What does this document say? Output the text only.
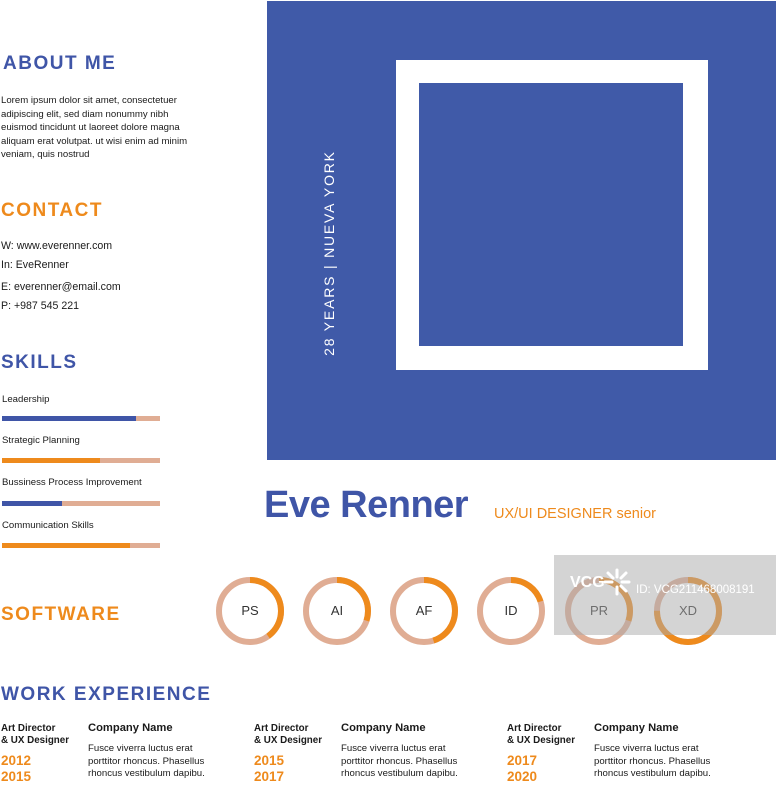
ABOUT ME
Lorem ipsum dolor sit amet, consectetuer
adipiscing elit, sed diam nonummy nibh
euismod tincidunt ut laoreet dolore magna
aliquam erat volutpat. ut wisi enim ad minim
veniam, quis nostrud
CONTACT
W: www.everenner.com
In: EveRenner
E: everenner@email.com
P: +987 545 221
SKILLS
Leadership
Strategic Planning
Bussiness Process Improvement
Communication Skills
28 YEARS | NUEVA YORK
Eve Renner UX/UI DESIGNER senior
SOFTWARE	PS	AI	AF	ID
VCG	ID: VCG211468008191
WORK EXPERIENCE
Art Director
& UX Designer
2012
2015
Company Name
Fusce viverra luctus erat
porttitor rhoncus. Phasellus
rhoncus vestibulum dapibu.
Art Director
& UX Designer
2015
2017
Company Name
Fusce viverra luctus erat
porttitor rhoncus. Phasellus
rhoncus vestibulum dapibu.
Art Director
& UX Designer
2017
2020
Company Name
Fusce viverra luctus erat
porttitor rhoncus. Phasellus
rhoncus vestibulum dapibu.
